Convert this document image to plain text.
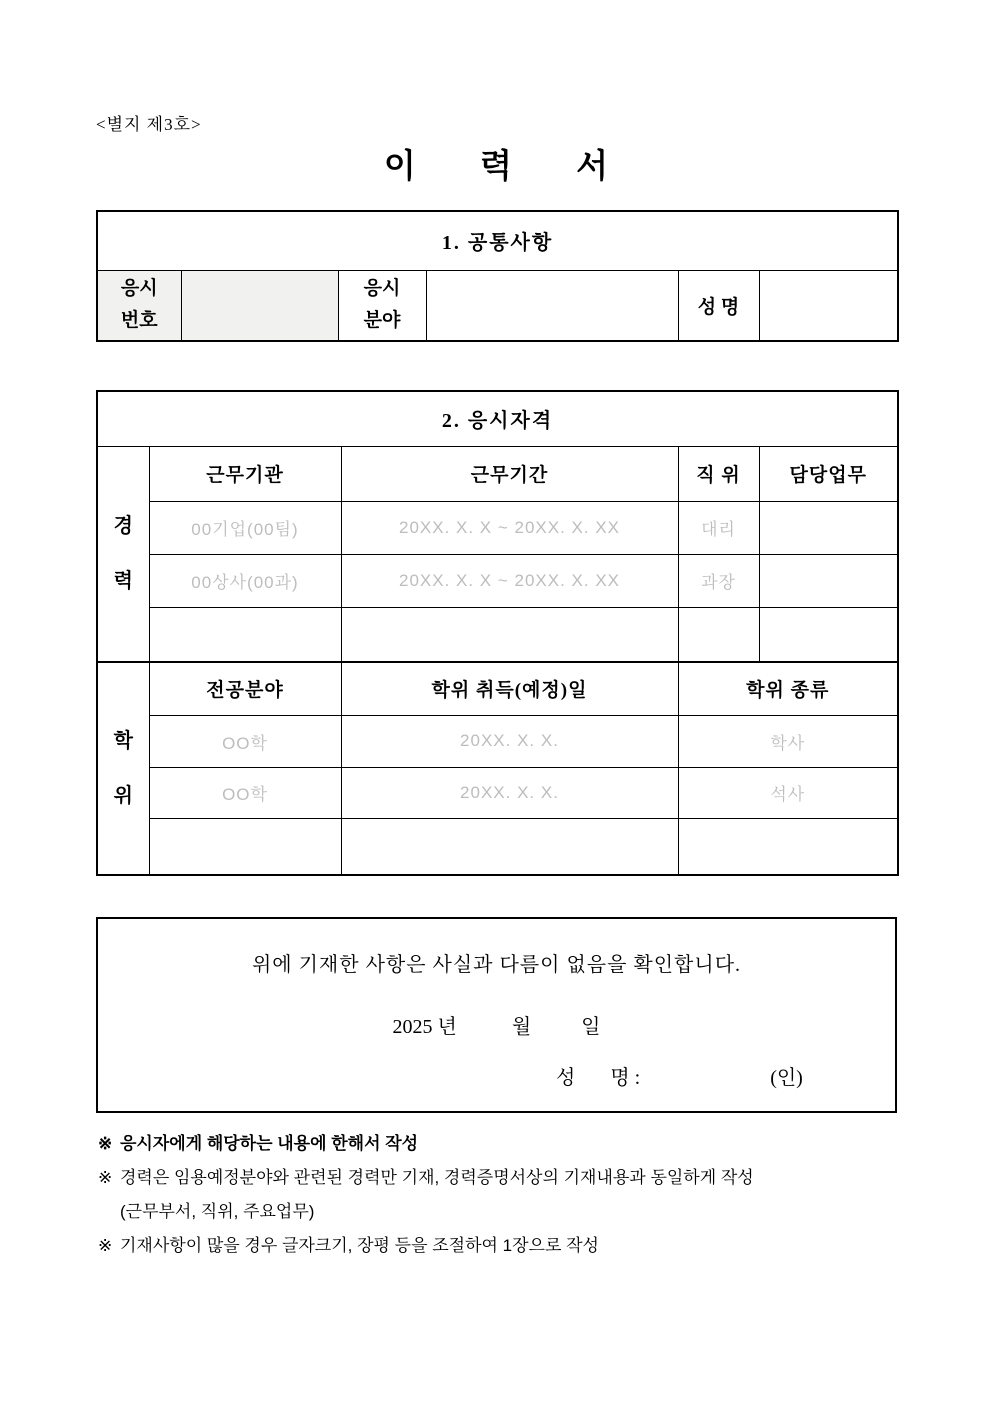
<별지 제3호>
이 력 서
1. 공통사항
응시번호		응시분야		성 명	
2. 응시자격				
경력	근무기관	근무기간	직 위	담당업무
	00기업(00팀)	20XX. X. X ~ 20XX. X. XX	대리	
	00상사(00과)	20XX. X. X ~ 20XX. X. XX	과장	

학위	전공분야	학위 취득(예정)일	학위 종류	
	OO학	20XX. X. X.	학사	
	OO학	20XX. X. X.	석사	

위에 기재한 사항은 사실과 다름이 없음을 확인합니다.
2025 년           월          일
성       명 :                          (인)
※ 응시자에게 해당하는 내용에 한해서 작성
※ 경력은 임용예정분야와 관련된 경력만 기재, 경력증명서상의 기재내용과 동일하게 작성
(근무부서, 직위, 주요업무)
※ 기재사항이 많을 경우 글자크기, 장평 등을 조절하여 1장으로 작성
